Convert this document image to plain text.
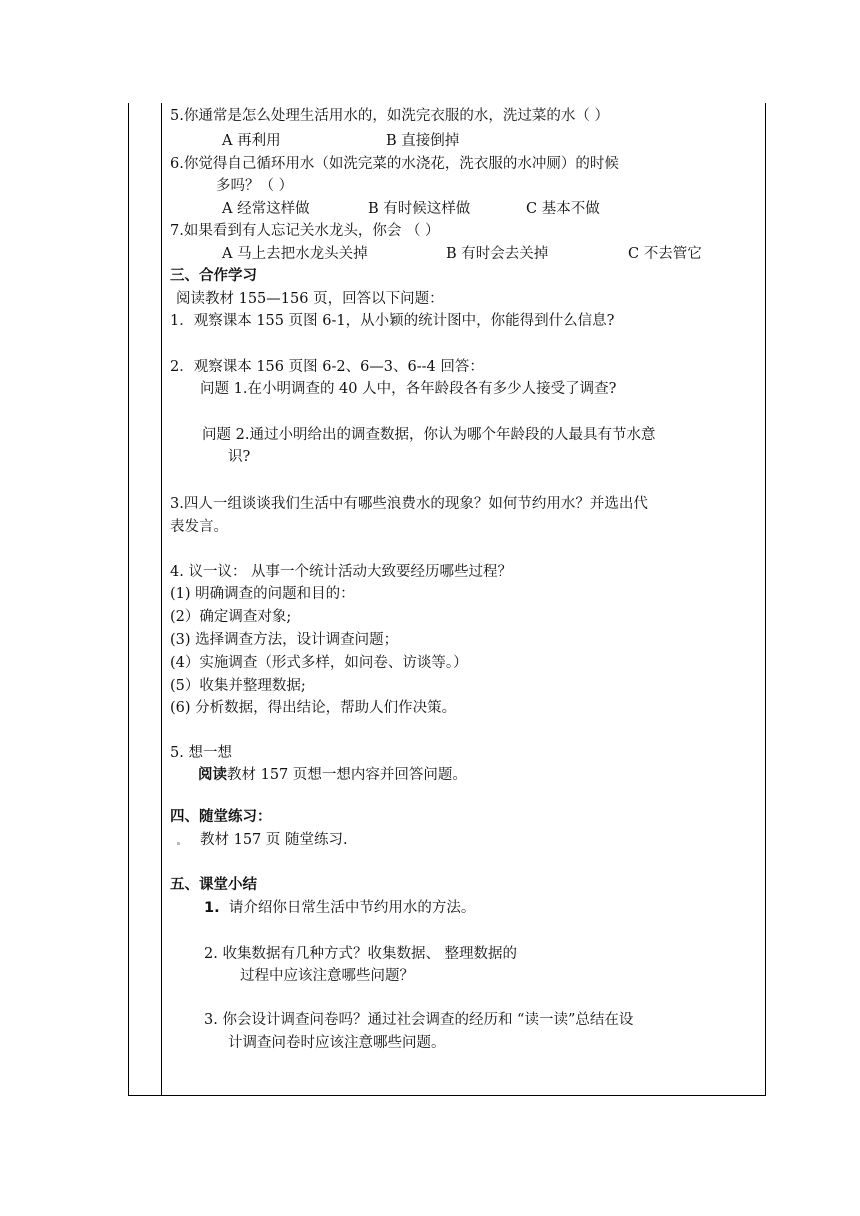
5.你通常是怎么处理生活用水的，如洗完衣服的水，洗过菜的水（ ）
A 再利用	B 直接倒掉
6.你觉得自己循环用水（如洗完菜的水浇花，洗衣服的水冲厕）的时候
多吗？（ ）
A 经常这样做	B 有时候这样做	C 基本不做
7.如果看到有人忘记关水龙头，你会 （ ）
A 马上去把水龙头关掉	B 有时会去关掉	C 不去管它
三、合作学习
阅读教材 155—156 页，回答以下问题：
1．观察课本 155 页图 6-1，从小颖的统计图中，你能得到什么信息?
2．观察课本 156 页图 6-2、6—3、6--4 回答：
问题 1.在小明调查的 40 人中，各年龄段各有多少人接受了调查?
问题 2.通过小明给出的调查数据，你认为哪个年龄段的人最具有节水意
识?
3.四人一组谈谈我们生活中有哪些浪费水的现象？如何节约用水？并选出代
表发言。
4. 议一议： 从事一个统计活动大致要经历哪些过程？
(1) 明确调查的问题和目的：
(2）确定调查对象;
(3) 选择调查方法，设计调查问题；
(4）实施调查（形式多样，如问卷、访谈等。）
(5）收集并整理数据;
(6) 分析数据，得出结论，帮助人们作决策。
5. 想一想
阅读教材 157 页想一想内容并回答问题。
四、随堂练习：
教材 157 页 随堂练习.
五、课堂小结
1. 请介绍你日常生活中节约用水的方法。
2. 收集数据有几种方式？收集数据、 整理数据的
过程中应该注意哪些问题？
3. 你会设计调查问卷吗？通过社会调查的经历和 “读一读”总结在设
计调查问卷时应该注意哪些问题。
